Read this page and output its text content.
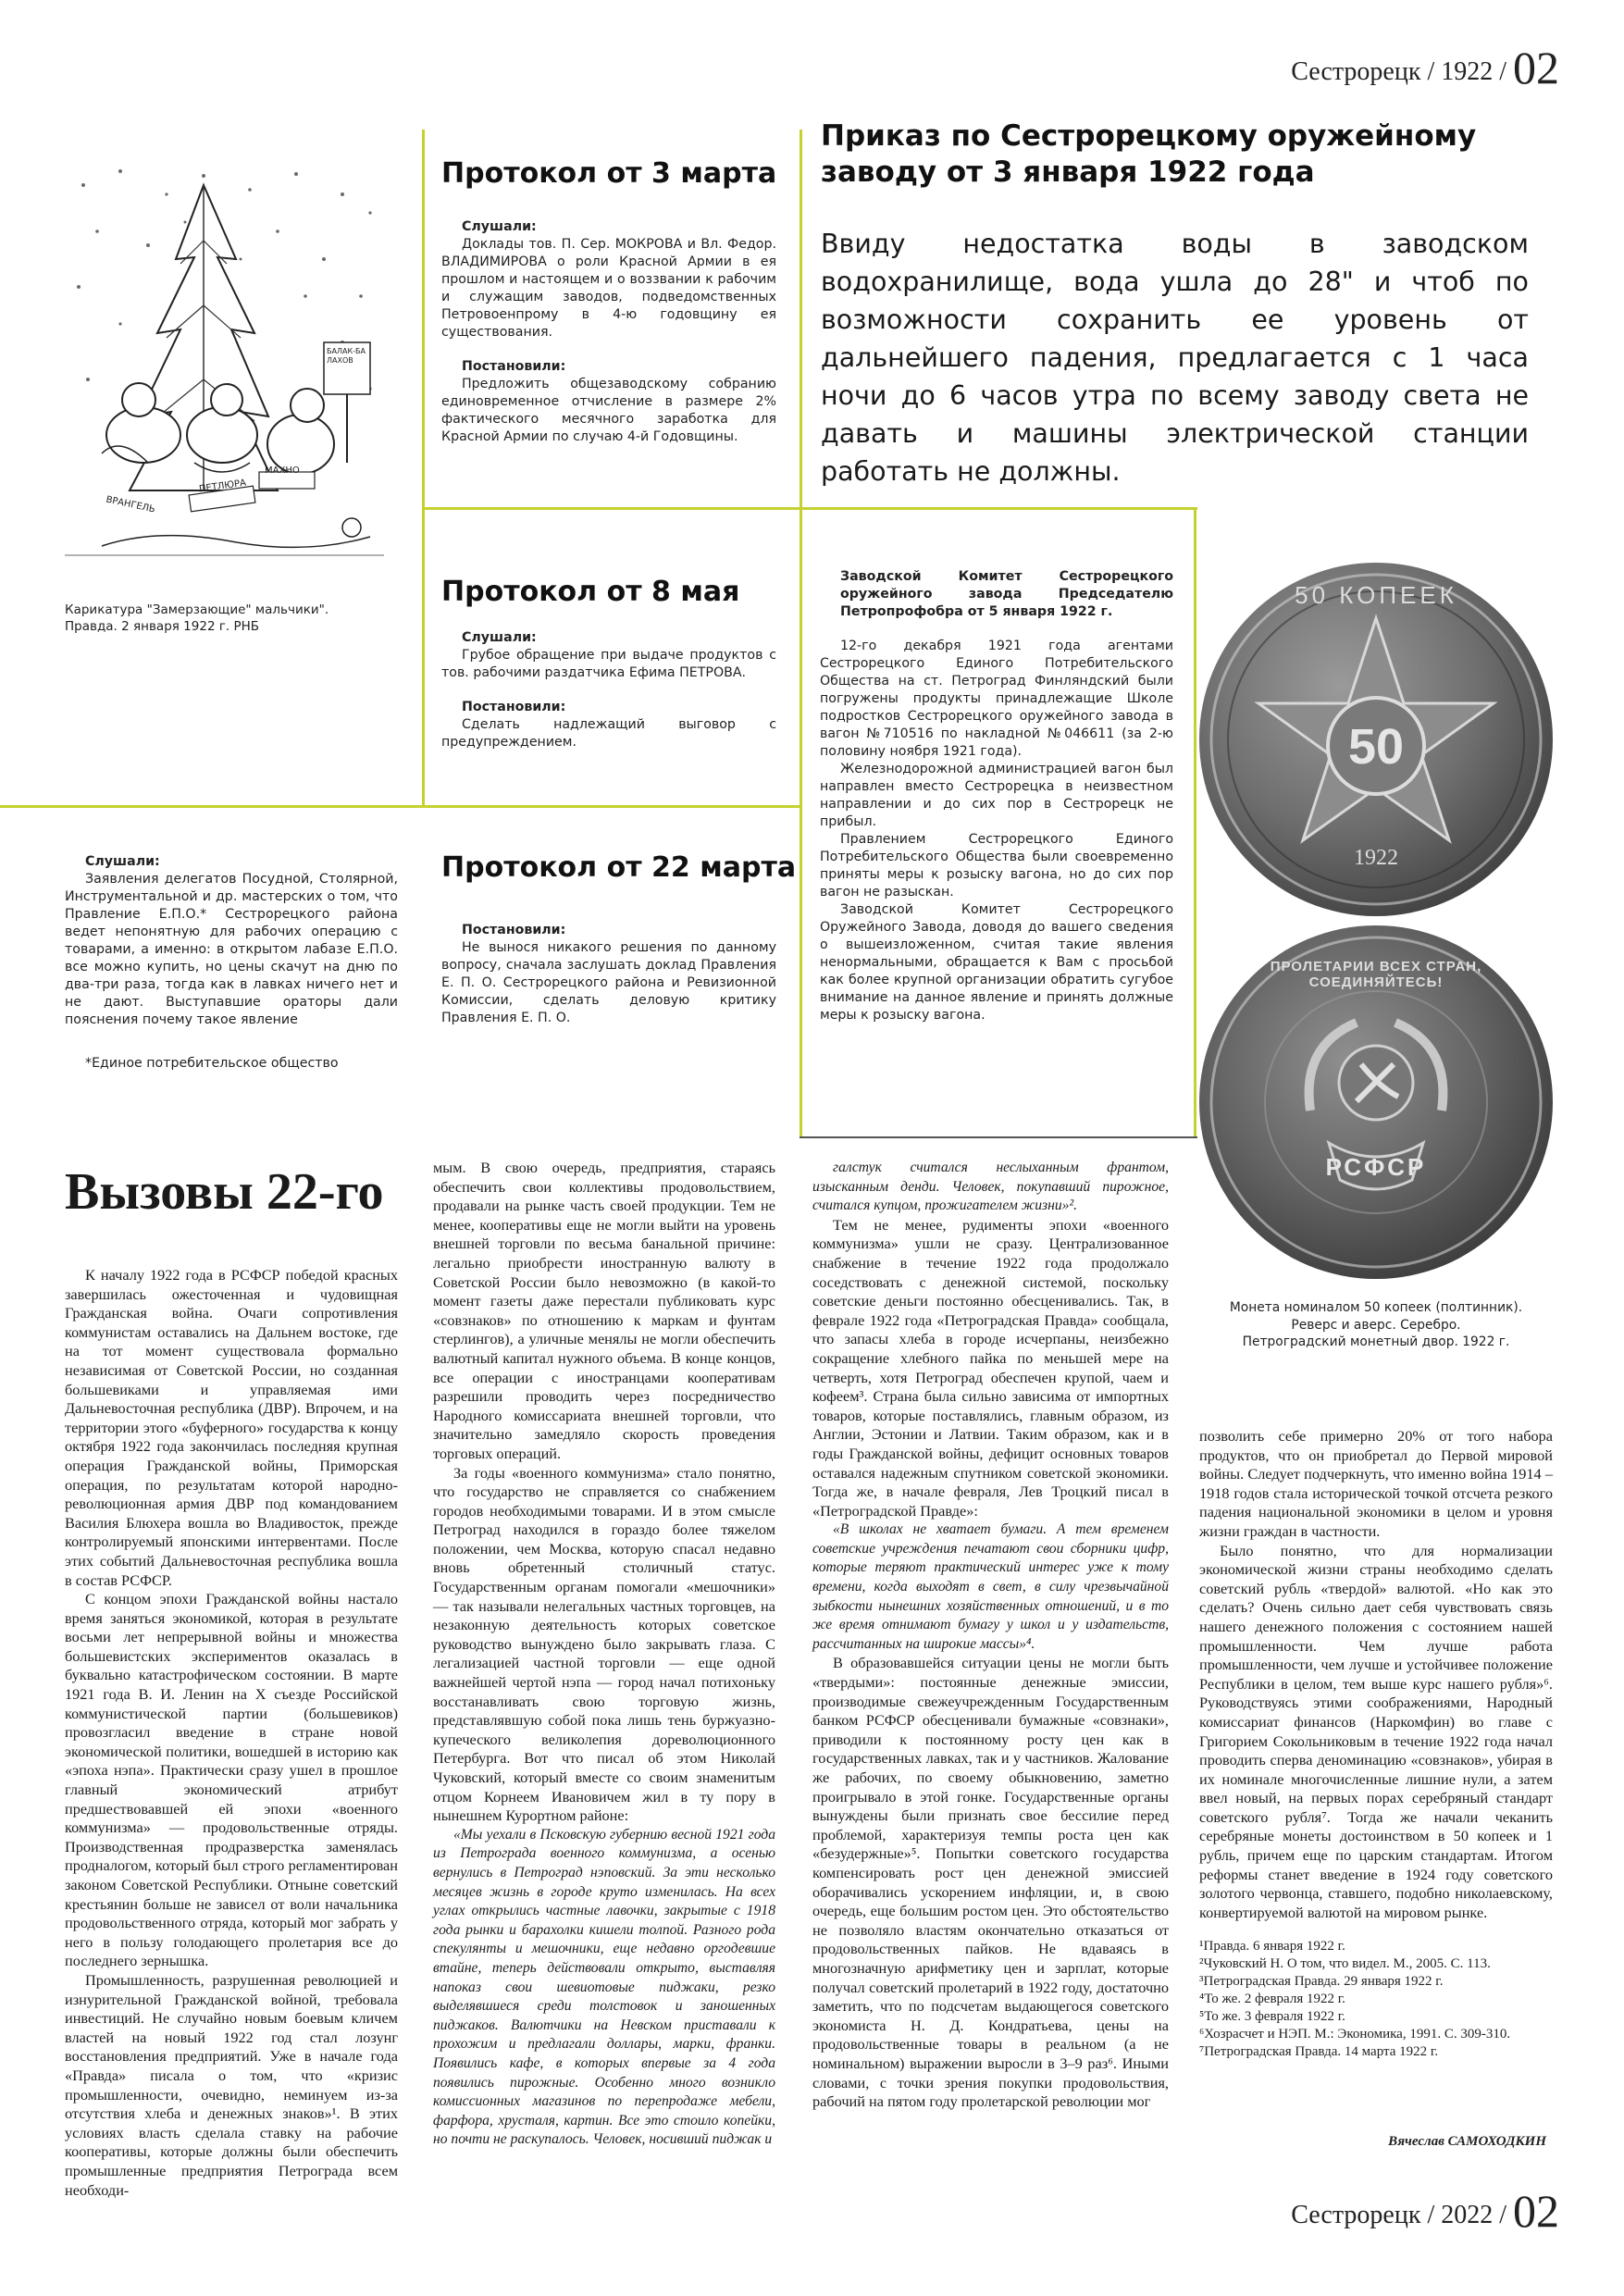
Сестрорецк / 1922 / 02
ВРАНГЕЛЬ
ПЕТЛЮРА
МАХНО
БАЛАК-БАЛАХОВ
Карикатура "Замерзающие" мальчики".
Правда. 2 января 1922 г. РНБ
Протокол от 3 марта
Слушали:

Доклады тов. П. Сер. МОКРОВА и Вл. Федор. ВЛАДИМИРОВА о роли Красной Армии в ея прошлом и настоящем и о воззвании к рабочим и служащим заводов, подведомственных Петровоенпрому в 4-ю годовщину ея существования.

Постановили:

Предложить общезаводскому собранию единовременное отчисление в размере 2% фактического месячного заработка для Красной Армии по случаю 4-й Годовщины.

Приказ по Сестрорецкому оружейному заводу от 3 января 1922 года
Ввиду недостатка воды в заводском водохранилище, вода ушла до 28" и чтоб по возможности сохранить ее уровень от дальнейшего падения, предлагается с 1 часа ночи до 6 часов утра по всему заводу света не давать и машины электрической станции работать не должны.
Протокол от 8 мая
Слушали:

Грубое обращение при выдаче продуктов с тов. рабочими раздатчика Ефима ПЕТРОВА.

Постановили:

Сделать надлежащий выговор с предупреждением.

Заводской Комитет Сестрорецкого оружейного завода Председателю Петропрофобра от 5 января 1922 г.

12-го декабря 1921 года агентами Сестрорецкого Единого Потребительского Общества на ст. Петроград Финляндский были погружены продукты принадлежащие Школе подростков Сестрорецкого оружейного завода в вагон №710516 по накладной №046611 (за 2-ю половину ноября 1921 года).

Железнодорожной администрацией вагон был направлен вместо Сестрорецка в неизвестном направлении и до сих пор в Сестрорецк не прибыл.

Правлением Сестрорецкого Единого Потребительского Общества были своевременно приняты меры к розыску вагона, но до сих пор вагон не разыскан.

Заводской Комитет Сестрорецкого Оружейного Завода, доводя до вашего сведения о вышеизложенном, считая такие явления ненормальными, обращается к Вам с просьбой как более крупной организации обратить сугубое внимание на данное явление и принять должные меры к розыску вагона.

50 КОПЕЕК
50
1922
ПРОЛЕТАРИИ ВСЕХ СТРАН, СОЕДИНЯЙТЕСЬ!
РСФСР
Монета номиналом 50 копеек (полтинник).
Реверс и аверс. Серебро.
Петроградский монетный двор. 1922 г.
Слушали:

Заявления делегатов Посудной, Столярной, Инструментальной и др. мастерских о том, что Правление Е.П.О.* Сестрорецкого района ведет непонятную для рабочих операцию с товарами, а именно: в открытом лабазе Е.П.О. все можно купить, но цены скачут на дню по два-три раза, тогда как в лавках ничего нет и не дают. Выступавшие ораторы дали пояснения почему такое явление

*Единое потребительское общество

Протокол от 22 марта
Постановили:

Не вынося никакого решения по данному вопросу, сначала заслушать доклад Правления Е. П. О. Сестрорецкого района и Ревизионной Комиссии, сделать деловую критику Правления Е. П. О.

Вызовы 22-го

К началу 1922 года в РСФСР победой красных завершилась ожесточенная и чудовищная Гражданская война. Очаги сопротивления коммунистам оставались на Дальнем востоке, где на тот момент существовала формально независимая от Советской России, но созданная большевиками и управляемая ими Дальневосточная республика (ДВР). Впрочем, и на территории этого «буферного» государства к концу октября 1922 года закончилась последняя крупная операция Гражданской войны, Приморская операция, по результатам которой народно-революционная армия ДВР под командованием Василия Блюхера вошла во Владивосток, прежде контролируемый японскими интервентами. После этих событий Дальневосточная республика вошла в состав РСФСР.

С концом эпохи Гражданской войны настало время заняться экономикой, которая в результате восьми лет непрерывной войны и множества большевистских экспериментов оказалась в буквально катастрофическом состоянии. В марте 1921 года В. И. Ленин на X съезде Российской коммунистической партии (большевиков) провозгласил введение в стране новой экономической политики, вошедшей в историю как «эпоха нэпа». Практически сразу ушел в прошлое главный экономический атрибут предшествовавшей ей эпохи «военного коммунизма» — продовольственные отряды. Производственная продразверстка заменялась продналогом, который был строго регламентирован законом Советской Республики. Отныне советский крестьянин больше не зависел от воли начальника продовольственного отряда, который мог забрать у него в пользу голодающего пролетария все до последнего зернышка.

Промышленность, разрушенная революцией и изнурительной Гражданской войной, требовала инвестиций. Не случайно новым боевым кличем властей на новый 1922 год стал лозунг восстановления предприятий. Уже в начале года «Правда» писала о том, что «кризис промышленности, очевидно, неминуем из-за отсутствия хлеба и денежных знаков»¹. В этих условиях власть сделала ставку на рабочие кооперативы, которые должны были обеспечить промышленные предприятия Петрограда всем необходи-

мым. В свою очередь, предприятия, стараясь обеспечить свои коллективы продовольствием, продавали на рынке часть своей продукции. Тем не менее, кооперативы еще не могли выйти на уровень внешней торговли по весьма банальной причине: легально приобрести иностранную валюту в Советской России было невозможно (в какой-то момент газеты даже перестали публиковать курс «совзнаков» по отношению к маркам и фунтам стерлингов), а уличные менялы не могли обеспечить валютный капитал нужного объема. В конце концов, все операции с иностранцами кооперативам разрешили проводить через посредничество Народного комиссариата внешней торговли, что значительно замедляло скорость проведения торговых операций.

За годы «военного коммунизма» стало понятно, что государство не справляется со снабжением городов необходимыми товарами. И в этом смысле Петроград находился в гораздо более тяжелом положении, чем Москва, которую спасал недавно вновь обретенный столичный статус. Государственным органам помогали «мешочники» — так называли нелегальных частных торговцев, на незаконную деятельность которых советское руководство вынуждено было закрывать глаза. С легализацией частной торговли — еще одной важнейшей чертой нэпа — город начал потихоньку восстанавливать свою торговую жизнь, представлявшую собой пока лишь тень буржуазно-купеческого великолепия дореволюционного Петербурга. Вот что писал об этом Николай Чуковский, который вместе со своим знаменитым отцом Корнеем Ивановичем жил в ту пору в нынешнем Курортном районе:

«Мы уехали в Псковскую губернию весной 1921 года из Петрограда военного коммунизма, а осенью вернулись в Петроград нэповский. За эти несколько месяцев жизнь в городе круто изменилась. На всех углах открылись частные лавочки, закрытые с 1918 года рынки и барахолки кишели толпой. Разного рода спекулянты и мешочники, еще недавно оргодевшие втайне, теперь действовали открыто, выставляя напоказ свои шевиотовые пиджаки, резко выделявшиеся среди толстовок и заношенных пиджаков. Валютчики на Невском приставали к прохожим и предлагали доллары, марки, франки. Появились кафе, в которых впервые за 4 года появились пирожные. Особенно много возникло комиссионных магазинов по перепродаже мебели, фарфора, хрусталя, картин. Все это стоило копейки, но почти не раскупалось. Человек, носивший пиджак и

галстук считался неслыханным франтом, изысканным денди. Человек, покупавший пирожное, считался купцом, прожигателем жизни»².

Тем не менее, рудименты эпохи «военного коммунизма» ушли не сразу. Централизованное снабжение в течение 1922 года продолжало соседствовать с денежной системой, поскольку советские деньги постоянно обесценивались. Так, в феврале 1922 года «Петроградская Правда» сообщала, что запасы хлеба в городе исчерпаны, неизбежно сокращение хлебного пайка по меньшей мере на четверть, хотя Петроград обеспечен крупой, чаем и кофеем³. Страна была сильно зависима от импортных товаров, которые поставлялись, главным образом, из Англии, Эстонии и Латвии. Таким образом, как и в годы Гражданской войны, дефицит основных товаров оставался надежным спутником советской экономики. Тогда же, в начале февраля, Лев Троцкий писал в «Петроградской Правде»:

«В школах не хватает бумаги. А тем временем советские учреждения печатают свои сборники цифр, которые теряют практический интерес уже к тому времени, когда выходят в свет, в силу чрезвычайной зыбкости нынешних хозяйственных отношений, и в то же время отнимают бумагу у школ и у издательств, рассчитанных на широкие массы»⁴.

В образовавшейся ситуации цены не могли быть «твердыми»: постоянные денежные эмиссии, производимые свежеучрежденным Государственным банком РСФСР обесценивали бумажные «совзнаки», приводили к постоянному росту цен как в государственных лавках, так и у частников. Жалование же рабочих, по своему обыкновению, заметно проигрывало в этой гонке. Государственные органы вынуждены были признать свое бессилие перед проблемой, характеризуя темпы роста цен как «безудержные»⁵. Попытки советского государства компенсировать рост цен денежной эмиссией оборачивались ускорением инфляции, и, в свою очередь, еще большим ростом цен. Это обстоятельство не позволяло властям окончательно отказаться от продовольственных пайков. Не вдаваясь в многозначную арифметику цен и зарплат, которые получал советский пролетарий в 1922 году, достаточно заметить, что по подсчетам выдающегося советского экономиста Н. Д. Кондратьева, цены на продовольственные товары в реальном (а не номинальном) выражении выросли в 3–9 раз⁶. Иными словами, с точки зрения покупки продовольствия, рабочий на пятом году пролетарской революции мог

позволить себе примерно 20% от того набора продуктов, что он приобретал до Первой мировой войны. Следует подчеркнуть, что именно война 1914 – 1918 годов стала исторической точкой отсчета резкого падения национальной экономики в целом и уровня жизни граждан в частности.

Было понятно, что для нормализации экономической жизни страны необходимо сделать советский рубль «твердой» валютой. «Но как это сделать? Очень сильно дает себя чувствовать связь нашего денежного положения с состоянием нашей промышленности. Чем лучше работа промышленности, чем лучше и устойчивее положение Республики в целом, тем выше курс нашего рубля»⁶. Руководствуясь этими соображениями, Народный комиссариат финансов (Наркомфин) во главе с Григорием Сокольниковым в течение 1922 года начал проводить сперва деноминацию «совзнаков», убирая в их номинале многочисленные лишние нули, а затем ввел новый, на первых порах серебряный стандарт советского рубля⁷. Тогда же начали чеканить серебряные монеты достоинством в 50 копеек и 1 рубль, причем еще по царским стандартам. Итогом реформы станет введение в 1924 году советского золотого червонца, ставшего, подобно николаевскому, конвертируемой валютой на мировом рынке.

¹Правда. 6 января 1922 г.
²Чуковский Н. О том, что видел. М., 2005. С. 113.
³Петроградская Правда. 29 января 1922 г.
⁴То же. 2 февраля 1922 г.
⁵То же. 3 февраля 1922 г.
⁶Хозрасчет и НЭП. М.: Экономика, 1991. С. 309-310.
⁷Петроградская Правда. 14 марта 1922 г.
Вячеслав САМОХОДКИН
Сестрорецк / 2022 / 02
